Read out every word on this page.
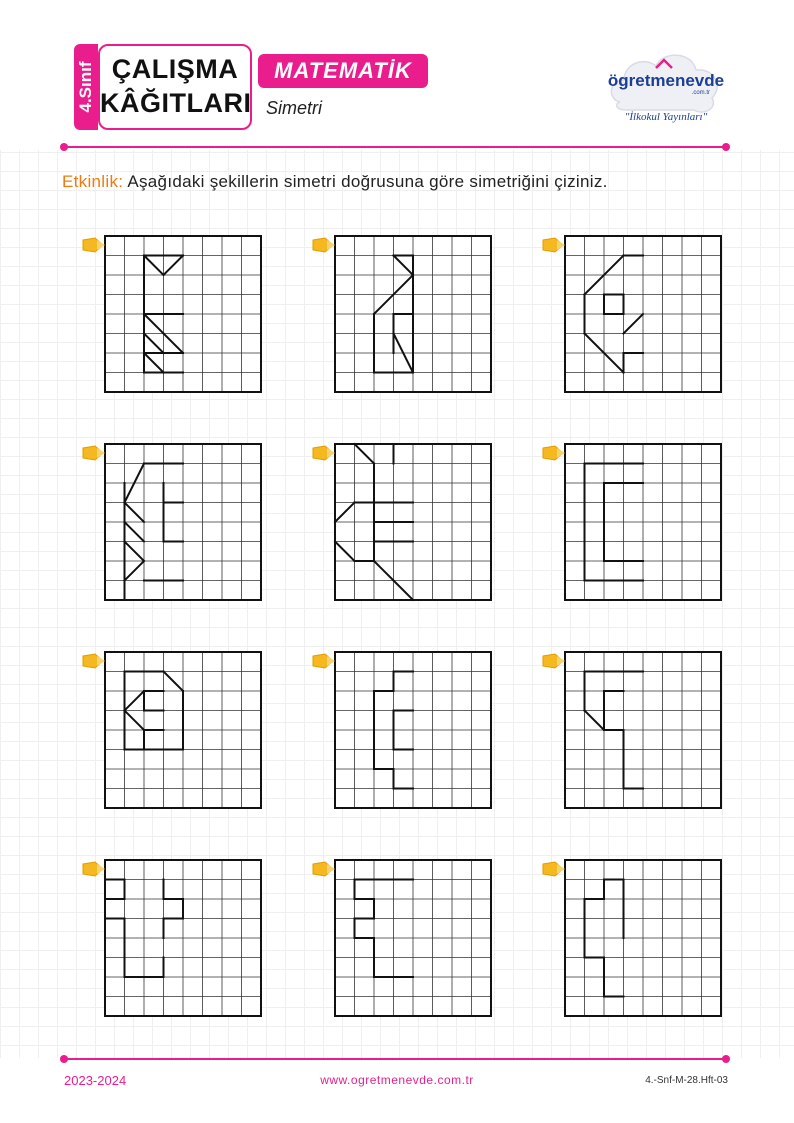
4.Sınıf ÇALIŞMA
KÂĞITLARI
MATEMATİK
Simetri
ögretmenevde
.com.tr
"İlkokul Yayınları"
Etkinlik: Aşağıdaki şekillerin simetri doğrusuna göre simetriğini çiziniz.
2023-2024	www.ogretmenevde.com.tr	4.-Snf-M-28.Hft-03
